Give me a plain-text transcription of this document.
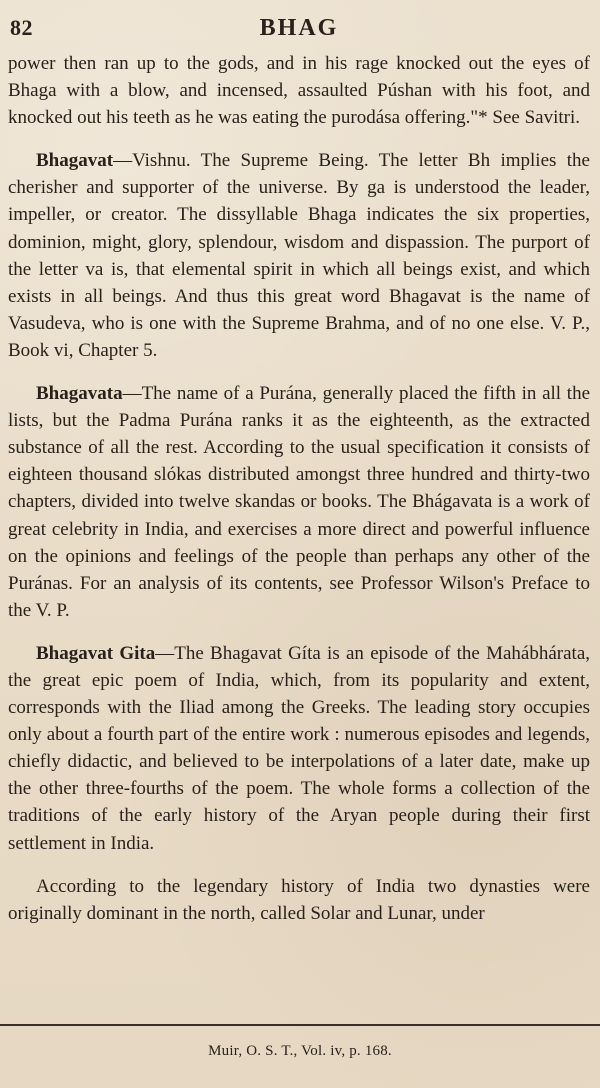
82	BHAG

power then ran up to the gods, and in his rage knocked out the eyes of Bhaga with a blow, and incensed, assaulted Púshan with his foot, and knocked out his teeth as he was eating the purodása offering."* See Savitri.

Bhagavat—Vishnu. The Supreme Being. The letter Bh implies the cherisher and supporter of the universe. By ga is understood the leader, impeller, or creator. The dissyllable Bhaga indicates the six properties, dominion, might, glory, splendour, wisdom and dispassion. The purport of the letter va is, that elemental spirit in which all beings exist, and which exists in all beings. And thus this great word Bhagavat is the name of Vasudeva, who is one with the Supreme Brahma, and of no one else. V. P., Book vi, Chapter 5.

Bhagavata—The name of a Purána, generally placed the fifth in all the lists, but the Padma Purána ranks it as the eighteenth, as the extracted substance of all the rest. According to the usual specification it consists of eighteen thousand slókas distributed amongst three hundred and thirty-two chapters, divided into twelve skandas or books. The Bhágavata is a work of great celebrity in India, and exercises a more direct and powerful influence on the opinions and feelings of the people than perhaps any other of the Puránas. For an analysis of its contents, see Professor Wilson's Preface to the V. P.

Bhagavat Gita—The Bhagavat Gíta is an episode of the Mahábhárata, the great epic poem of India, which, from its popularity and extent, corresponds with the Iliad among the Greeks. The leading story occupies only about a fourth part of the entire work : numerous episodes and legends, chiefly didactic, and believed to be interpolations of a later date, make up the other three-fourths of the poem. The whole forms a collection of the traditions of the early history of the Aryan people during their first settlement in India.

According to the legendary history of India two dynasties were originally dominant in the north, called Solar and Lunar, under

Muir, O. S. T., Vol. iv, p. 168.
